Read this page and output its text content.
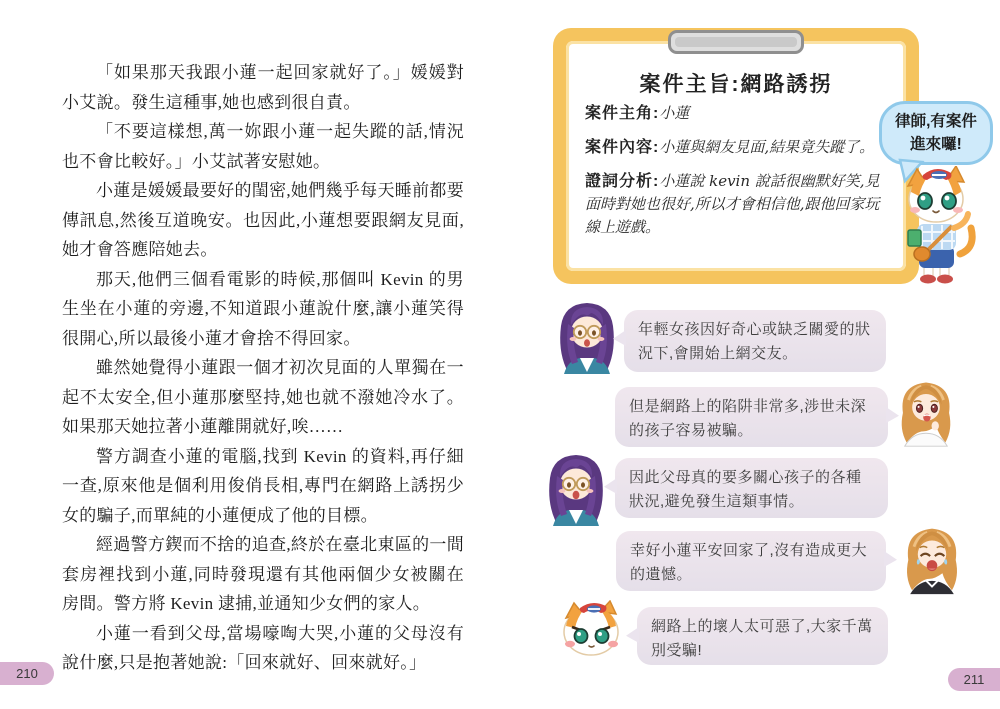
「如果那天我跟小蓮一起回家就好了。」媛媛對小艾說。發生這種事,她也感到很自責。

「不要這樣想,萬一妳跟小蓮一起失蹤的話,情況也不會比較好。」小艾試著安慰她。

小蓮是媛媛最要好的閨密,她們幾乎每天睡前都要傳訊息,然後互道晚安。也因此,小蓮想要跟網友見面,她才會答應陪她去。

那天,他們三個看電影的時候,那個叫 Kevin 的男生坐在小蓮的旁邊,不知道跟小蓮說什麼,讓小蓮笑得很開心,所以最後小蓮才會捨不得回家。

雖然她覺得小蓮跟一個才初次見面的人單獨在一起不太安全,但小蓮那麼堅持,她也就不潑她冷水了。如果那天她拉著小蓮離開就好,唉……

警方調查小蓮的電腦,找到 Kevin 的資料,再仔細一查,原來他是個利用俊俏長相,專門在網路上誘拐少女的騙子,而單純的小蓮便成了他的目標。

經過警方鍥而不捨的追查,終於在臺北東區的一間套房裡找到小蓮,同時發現還有其他兩個少女被關在房間。警方將 Kevin 逮捕,並通知少女們的家人。

小蓮一看到父母,當場嚎啕大哭,小蓮的父母沒有說什麼,只是抱著她說:「回來就好、回來就好。」

210
案件主旨:網路誘拐
案件主角:小蓮
案件內容:小蓮與網友見面,結果竟失蹤了。
證詞分析:小蓮說 kevin 說話很幽默好笑,見面時對她也很好,所以才會相信他,跟他回家玩線上遊戲。
律師,有案件進來囉!
年輕女孩因好奇心或缺乏關愛的狀況下,會開始上網交友。
但是網路上的陷阱非常多,涉世未深的孩子容易被騙。
因此父母真的要多關心孩子的各種狀況,避免發生這類事情。
幸好小蓮平安回家了,沒有造成更大的遺憾。
網路上的壞人太可惡了,大家千萬別受騙!
211
